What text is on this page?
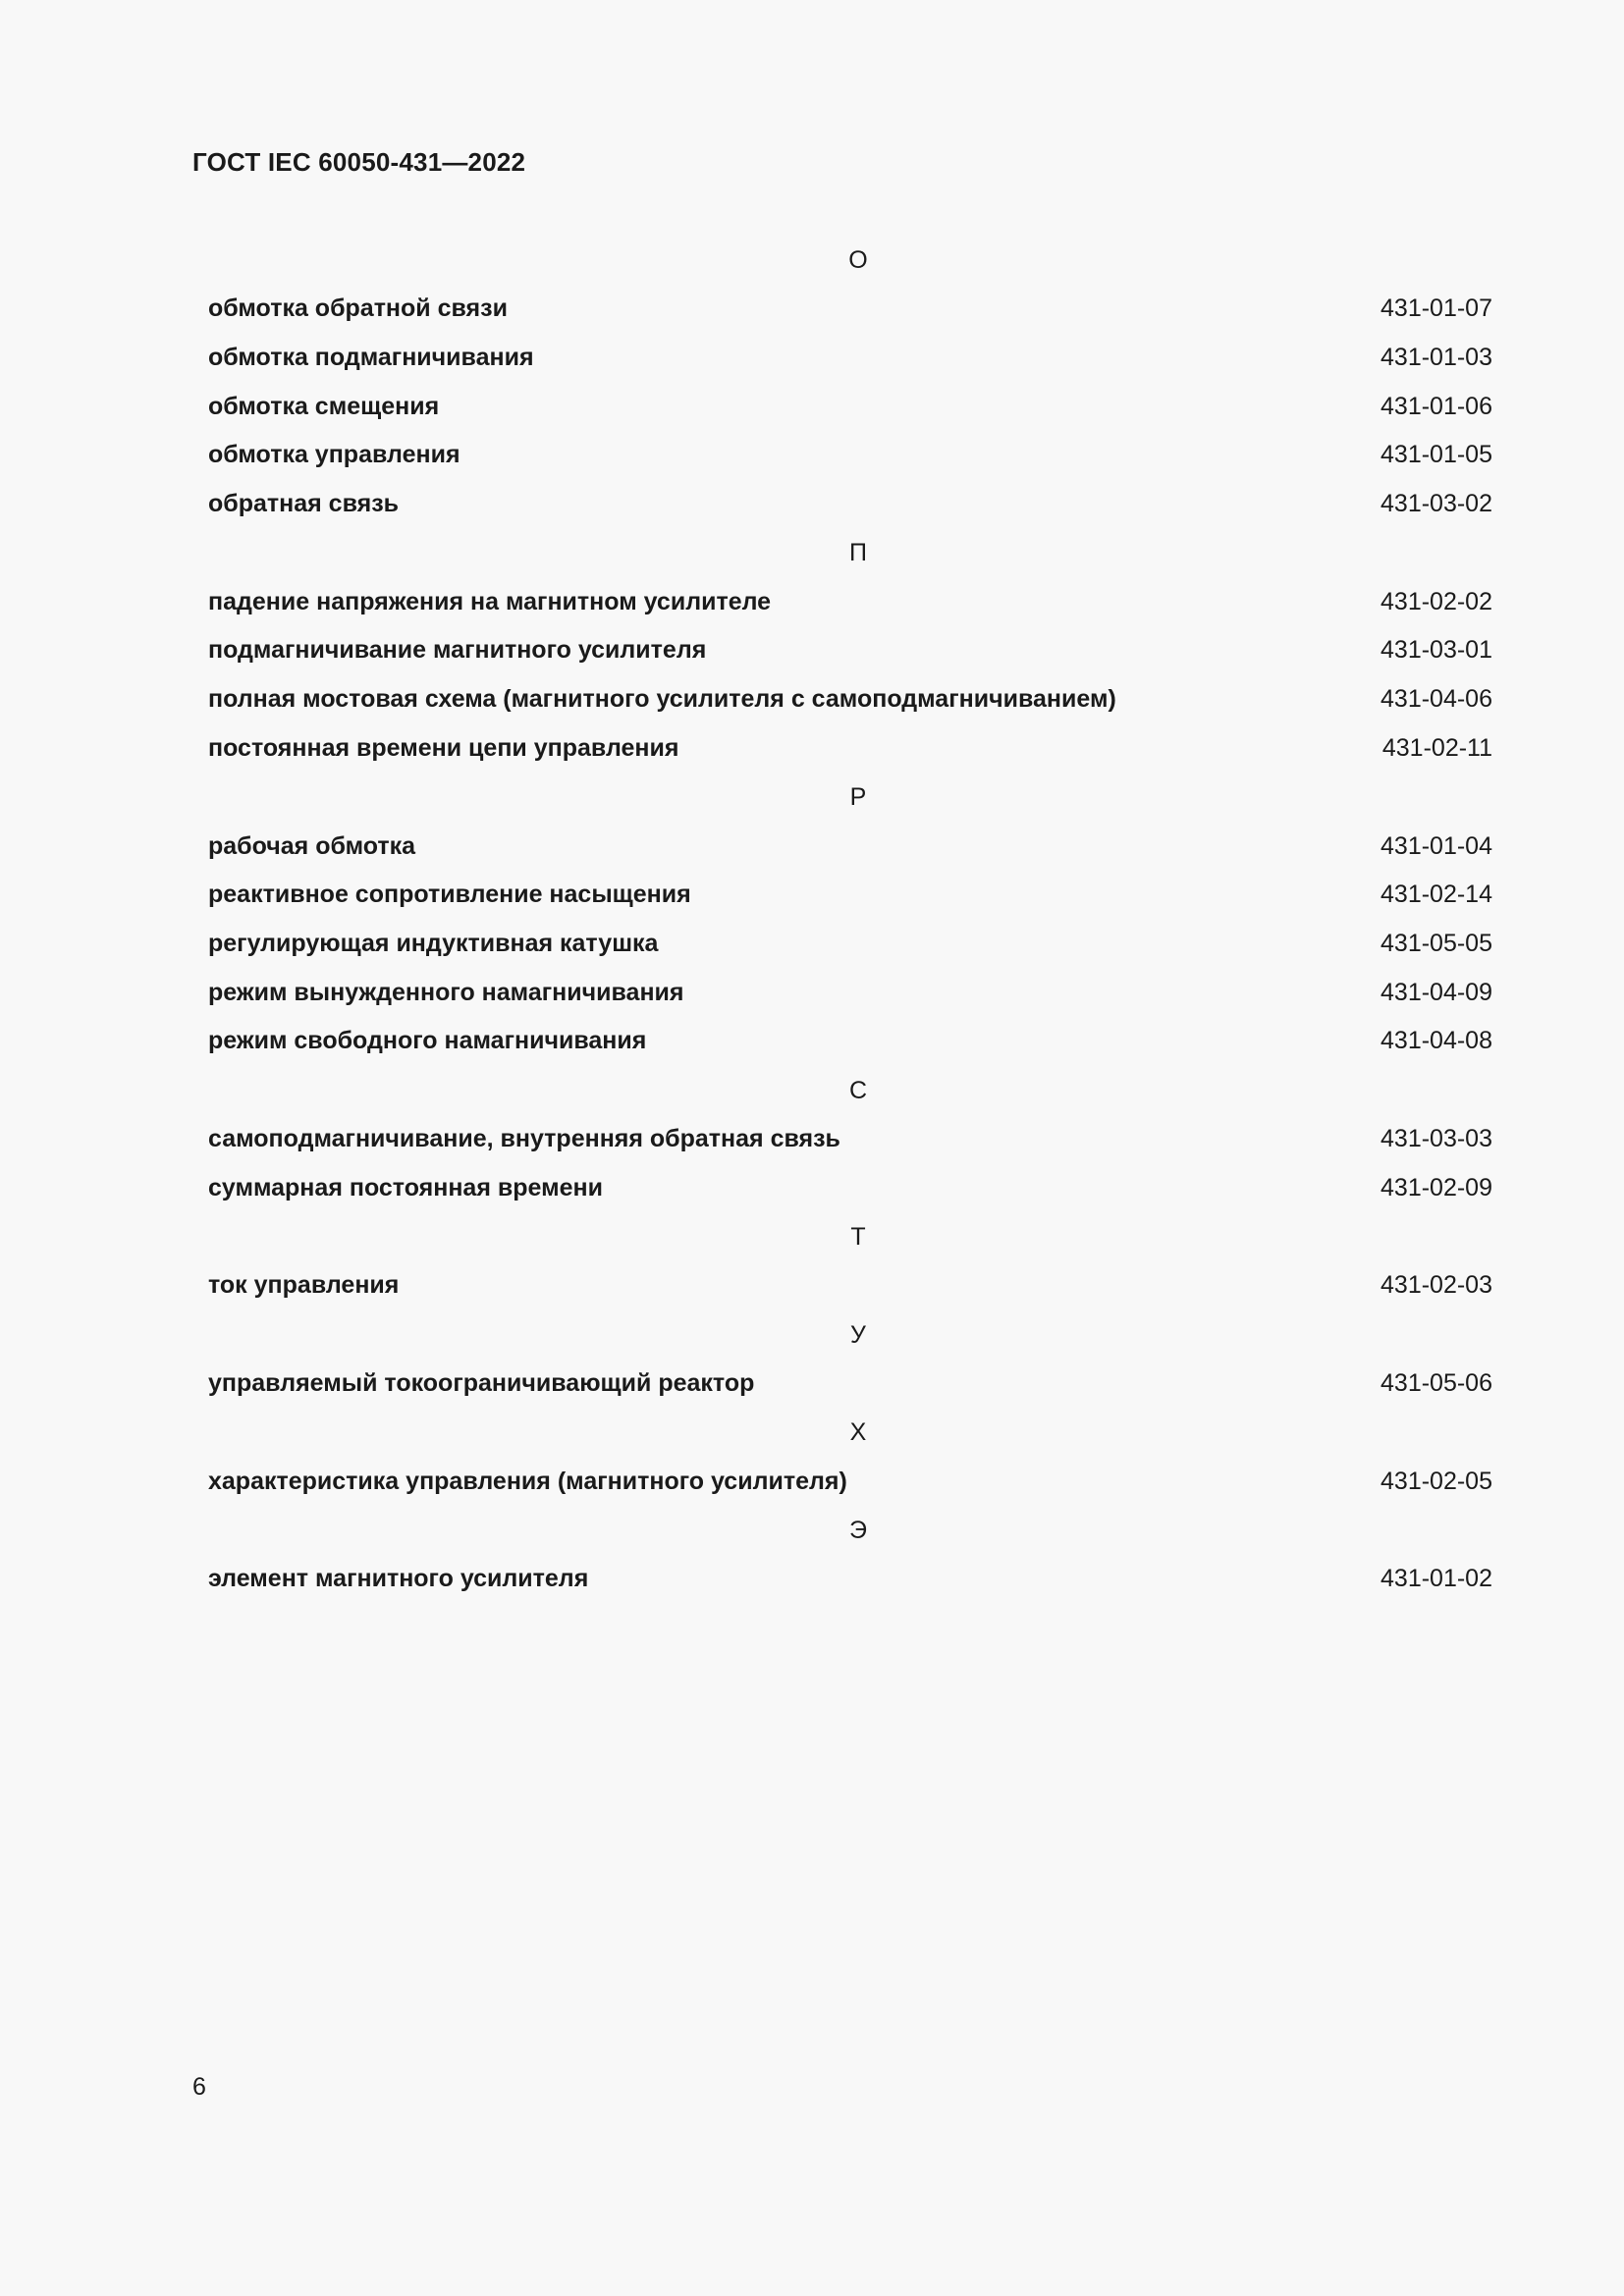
ГОСТ IEC 60050-431—2022
О
обмотка обратной связи	431-01-07
обмотка подмагничивания	431-01-03
обмотка смещения	431-01-06
обмотка управления	431-01-05
обратная связь	431-03-02
П
падение напряжения на магнитном усилителе	431-02-02
подмагничивание магнитного усилителя	431-03-01
полная мостовая схема (магнитного усилителя с самоподмагничиванием)	431-04-06
постоянная времени цепи управления	431-02-11
Р
рабочая обмотка	431-01-04
реактивное сопротивление насыщения	431-02-14
регулирующая индуктивная катушка	431-05-05
режим вынужденного намагничивания	431-04-09
режим свободного намагничивания	431-04-08
С
самоподмагничивание, внутренняя обратная связь	431-03-03
суммарная постоянная времени	431-02-09
Т
ток управления	431-02-03
У
управляемый токоограничивающий реактор	431-05-06
Х
характеристика управления (магнитного усилителя)	431-02-05
Э
элемент магнитного усилителя	431-01-02
6
